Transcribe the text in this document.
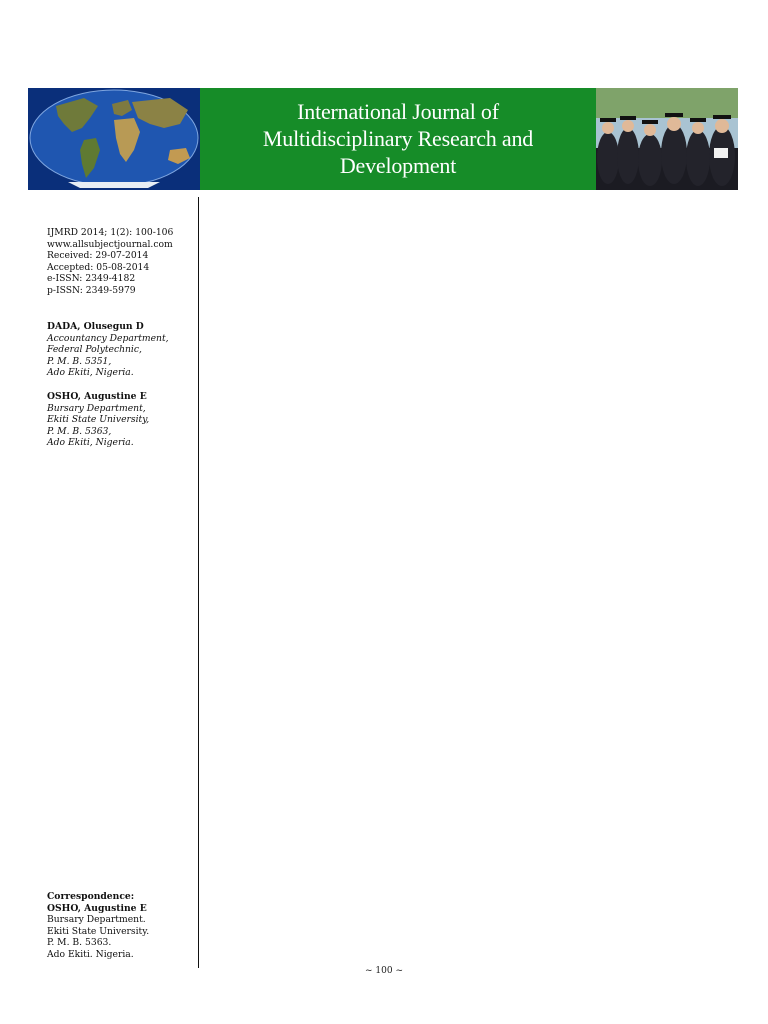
International Journal of
Multidisciplinary Research and
Development
IJMRD 2014; 1(2): 100-106
www.allsubjectjournal.com
Received: 29-07-2014
Accepted: 05-08-2014
e-ISSN: 2349-4182
p-ISSN: 2349-5979
DADA, Olusegun D
Accountancy Department,
Federal Polytechnic,
P. M. B. 5351,
Ado Ekiti, Nigeria.
OSHO, Augustine E
Bursary Department,
Ekiti State University,
P. M. B. 5363,
Ado Ekiti, Nigeria.
Correspondence:
OSHO, Augustine E
Bursary Department.
Ekiti State University.
P. M. B. 5363.
Ado Ekiti. Nigeria.
~ 100 ~
